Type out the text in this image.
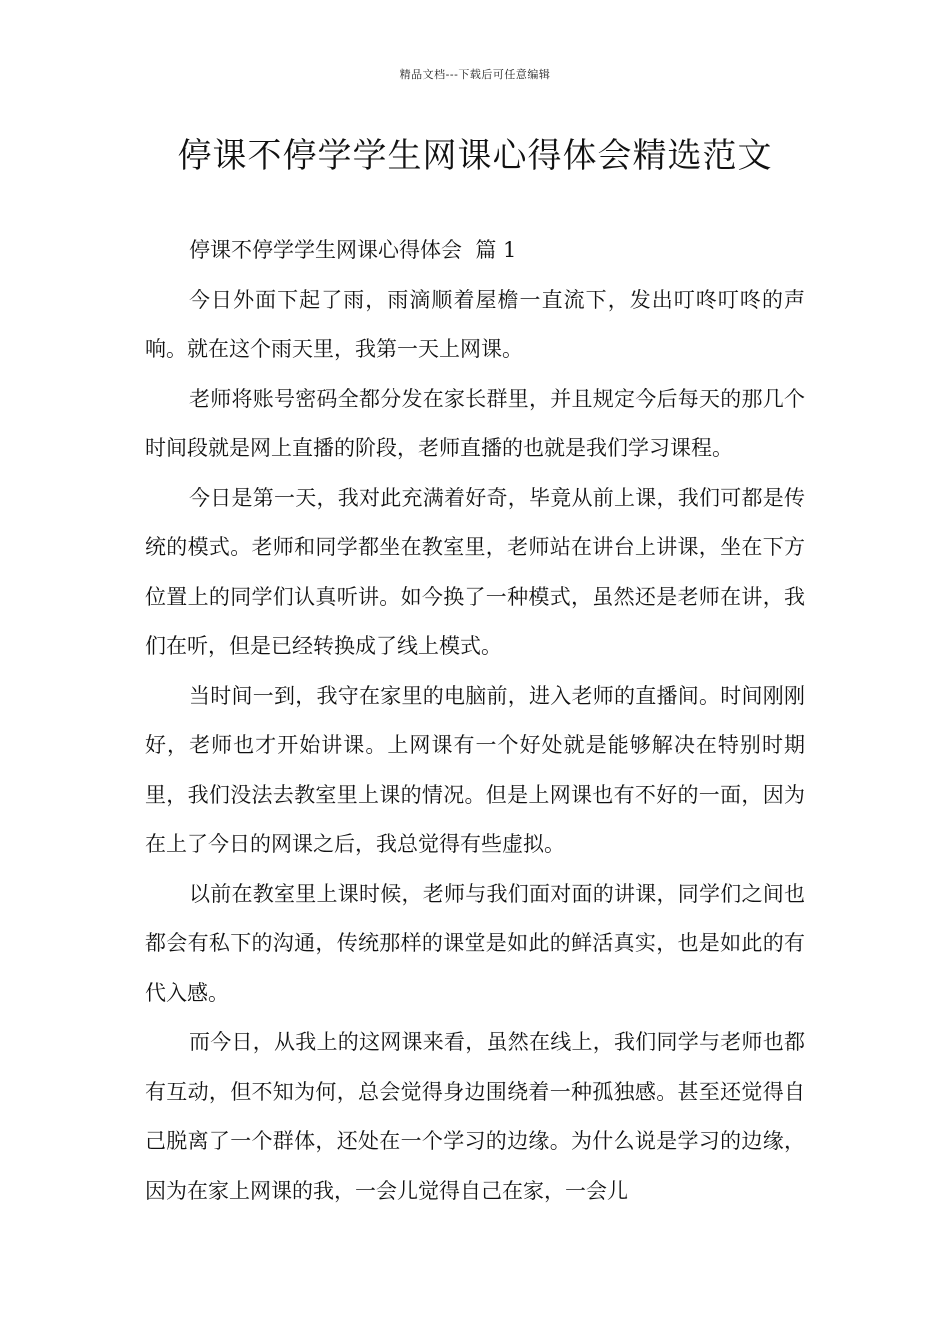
精品文档---下载后可任意编辑
停课不停学学生网课心得体会精选范文

停课不停学学生网课心得体会  篇 1

今日外面下起了雨，雨滴顺着屋檐一直流下，发出叮咚叮咚的声响。就在这个雨天里，我第一天上网课。

老师将账号密码全都分发在家长群里，并且规定今后每天的那几个时间段就是网上直播的阶段，老师直播的也就是我们学习课程。

今日是第一天，我对此充满着好奇，毕竟从前上课，我们可都是传统的模式。老师和同学都坐在教室里，老师站在讲台上讲课，坐在下方位置上的同学们认真听讲。如今换了一种模式，虽然还是老师在讲，我们在听，但是已经转换成了线上模式。

当时间一到，我守在家里的电脑前，进入老师的直播间。时间刚刚好，老师也才开始讲课。上网课有一个好处就是能够解决在特别时期里，我们没法去教室里上课的情况。但是上网课也有不好的一面，因为在上了今日的网课之后，我总觉得有些虚拟。

以前在教室里上课时候，老师与我们面对面的讲课，同学们之间也都会有私下的沟通，传统那样的课堂是如此的鲜活真实，也是如此的有代入感。

而今日，从我上的这网课来看，虽然在线上，我们同学与老师也都有互动，但不知为何，总会觉得身边围绕着一种孤独感。甚至还觉得自己脱离了一个群体，还处在一个学习的边缘。为什么说是学习的边缘，因为在家上网课的我，一会儿觉得自己在家，一会儿
